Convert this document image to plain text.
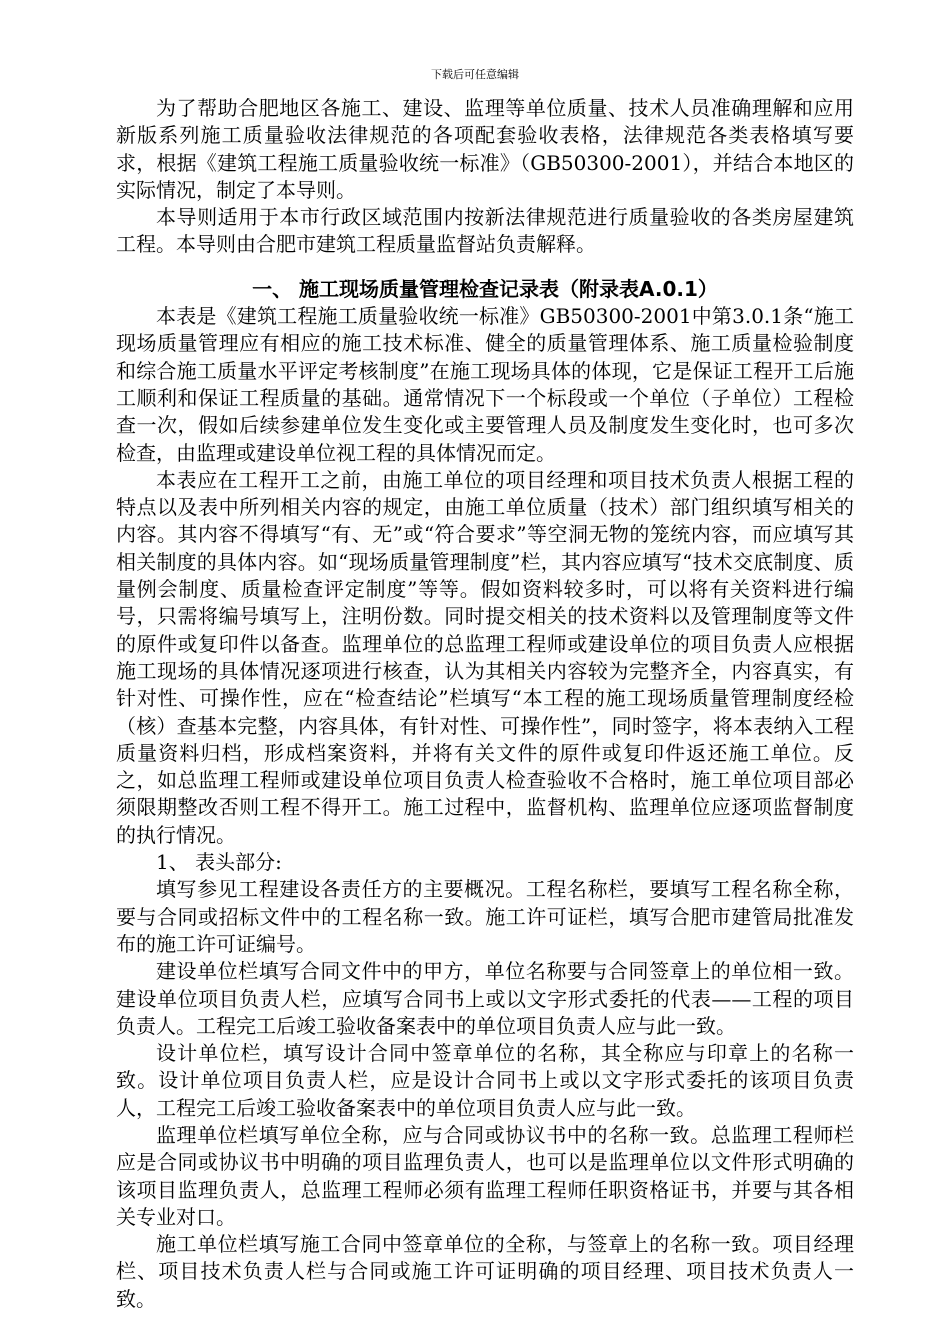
下载后可任意编辑

为了帮助合肥地区各施工、建设、监理等单位质量、技术人员准确理解和应用新版系列施工质量验收法律规范的各项配套验收表格，法律规范各类表格填写要求，根据《建筑工程施工质量验收统一标准》（GB50300-2001），并结合本地区的实际情况，制定了本导则。

本导则适用于本市行政区域范围内按新法律规范进行质量验收的各类房屋建筑工程。本导则由合肥市建筑工程质量监督站负责解释。

一、 施工现场质量管理检查记录表（附录表A.0.1）

本表是《建筑工程施工质量验收统一标准》GB50300-2001中第3.0.1条“施工现场质量管理应有相应的施工技术标准、健全的质量管理体系、施工质量检验制度和综合施工质量水平评定考核制度”在施工现场具体的体现，它是保证工程开工后施工顺利和保证工程质量的基础。通常情况下一个标段或一个单位（子单位）工程检查一次，假如后续参建单位发生变化或主要管理人员及制度发生变化时，也可多次检查，由监理或建设单位视工程的具体情况而定。

本表应在工程开工之前，由施工单位的项目经理和项目技术负责人根据工程的特点以及表中所列相关内容的规定，由施工单位质量（技术）部门组织填写相关的内容。其内容不得填写“有、无”或“符合要求”等空洞无物的笼统内容，而应填写其相关制度的具体内容。如“现场质量管理制度”栏，其内容应填写“技术交底制度、质量例会制度、质量检查评定制度”等等。假如资料较多时，可以将有关资料进行编号，只需将编号填写上，注明份数。同时提交相关的技术资料以及管理制度等文件的原件或复印件以备查。监理单位的总监理工程师或建设单位的项目负责人应根据施工现场的具体情况逐项进行核查，认为其相关内容较为完整齐全，内容真实，有针对性、可操作性，应在“检查结论”栏填写“本工程的施工现场质量管理制度经检（核）查基本完整，内容具体，有针对性、可操作性”，同时签字，将本表纳入工程质量资料归档，形成档案资料，并将有关文件的原件或复印件返还施工单位。反之，如总监理工程师或建设单位项目负责人检查验收不合格时，施工单位项目部必须限期整改否则工程不得开工。施工过程中，监督机构、监理单位应逐项监督制度的执行情况。

1、 表头部分:

填写参见工程建设各责任方的主要概况。工程名称栏，要填写工程名称全称，要与合同或招标文件中的工程名称一致。施工许可证栏，填写合肥市建管局批准发布的施工许可证编号。

建设单位栏填写合同文件中的甲方，单位名称要与合同签章上的单位相一致。建设单位项目负责人栏，应填写合同书上或以文字形式委托的代表——工程的项目负责人。工程完工后竣工验收备案表中的单位项目负责人应与此一致。

设计单位栏，填写设计合同中签章单位的名称，其全称应与印章上的名称一致。设计单位项目负责人栏，应是设计合同书上或以文字形式委托的该项目负责人，工程完工后竣工验收备案表中的单位项目负责人应与此一致。

监理单位栏填写单位全称，应与合同或协议书中的名称一致。总监理工程师栏应是合同或协议书中明确的项目监理负责人，也可以是监理单位以文件形式明确的该项目监理负责人，总监理工程师必须有监理工程师任职资格证书，并要与其各相关专业对口。

施工单位栏填写施工合同中签章单位的全称，与签章上的名称一致。项目经理栏、项目技术负责人栏与合同或施工许可证明确的项目经理、项目技术负责人一致。
